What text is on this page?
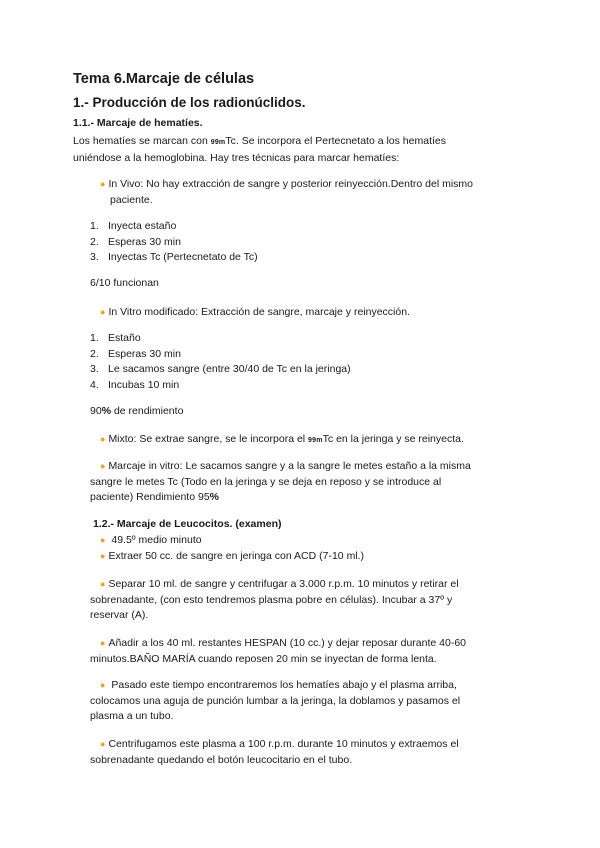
Tema 6.Marcaje de células
1.- Producción de los radionúclidos.
1.1.- Marcaje de hematíes.
Los hematíes se marcan con 99mTc. Se incorpora el Pertecnetato a los hematíes
uniéndose a la hemoglobina. Hay tres técnicas para marcar hematíes:
● In Vivo: No hay extracción de sangre y posterior reinyección.Dentro del mismo
paciente.
1. Inyecta estaño
2. Esperas 30 min
3. Inyectas Tc (Pertecnetato de Tc)
6/10 funcionan
● In Vitro modificado: Extracción de sangre, marcaje y reinyección.
1. Estaño
2. Esperas 30 min
3. Le sacamos sangre (entre 30/40 de Tc en la jeringa)
4. Incubas 10 min
90% de rendimiento
● Mixto: Se extrae sangre, se le incorpora el 99mTc en la jeringa y se reinyecta.
● Marcaje in vitro: Le sacamos sangre y a la sangre le metes estaño a la misma
sangre le metes Tc (Todo en la jeringa y se deja en reposo y se introduce al
paciente) Rendimiento 95%
1.2.- Marcaje de Leucocitos. (examen)
● 49.5º medio minuto
● Extraer 50 cc. de sangre en jeringa con ACD (7-10 ml.)
● Separar 10 ml. de sangre y centrifugar a 3.000 r.p.m. 10 minutos y retirar el
sobrenadante, (con esto tendremos plasma pobre en células). Incubar a 37º y
reservar (A).
● Añadir a los 40 ml. restantes HESPAN (10 cc.) y dejar reposar durante 40-60
minutos.BAÑO MARÍA cuando reposen 20 min se inyectan de forma lenta.
● Pasado este tiempo encontraremos los hematíes abajo y el plasma arriba,
colocamos una aguja de punción lumbar a la jeringa, la doblamos y pasamos el
plasma a un tubo.
● Centrifugamos este plasma a 100 r.p.m. durante 10 minutos y extraemos el
sobrenadante quedando el botón leucocitario en el tubo.
